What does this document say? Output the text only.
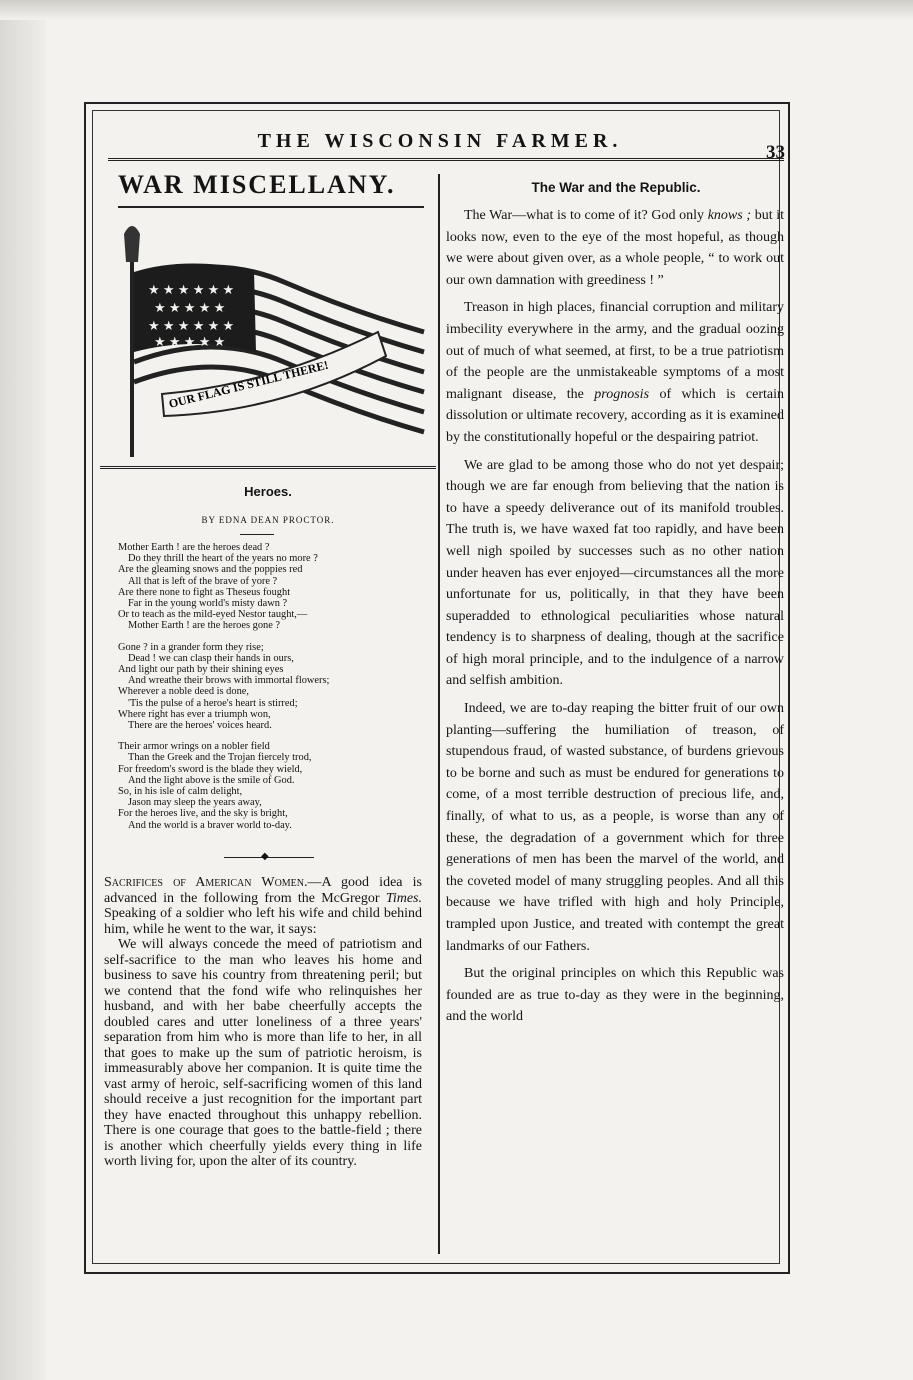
THE WISCONSIN FARMER.
33
WAR MISCELLANY.
★ ★ ★ ★ ★ ★
★ ★ ★ ★ ★
★ ★ ★ ★ ★ ★
★ ★ ★ ★ ★
OUR FLAG IS STILL THERE!
Heroes.
BY EDNA DEAN PROCTOR.
Mother Earth ! are the heroes dead ?
Do they thrill the heart of the years no more ?
Are the gleaming snows and the poppies red
All that is left of the brave of yore ?
Are there none to fight as Theseus fought
Far in the young world's misty dawn ?
Or to teach as the mild-eyed Nestor taught,—
Mother Earth ! are the heroes gone ?
Gone ? in a grander form they rise;
Dead ! we can clasp their hands in ours,
And light our path by their shining eyes
And wreathe their brows with immortal flowers;
Wherever a noble deed is done,
'Tis the pulse of a heroe's heart is stirred;
Where right has ever a triumph won,
There are the heroes' voices heard.
Their armor wrings on a nobler field
Than the Greek and the Trojan fiercely trod,
For freedom's sword is the blade they wield,
And the light above is the smile of God.
So, in his isle of calm delight,
Jason may sleep the years away,
For the heroes live, and the sky is bright,
And the world is a braver world to-day.
◆

Sacrifices of American Women.—A good idea is advanced in the following from the McGregor Times. Speaking of a soldier who left his wife and child behind him, while he went to the war, it says:

We will always concede the meed of patriotism and self-sacrifice to the man who leaves his home and business to save his country from threatening peril; but we contend that the fond wife who relinquishes her husband, and with her babe cheerfully accepts the doubled cares and utter loneliness of a three years' separation from him who is more than life to her, in all that goes to make up the sum of patriotic heroism, is immeasurably above her companion. It is quite time the vast army of heroic, self-sacrificing women of this land should receive a just recognition for the important part they have enacted throughout this unhappy rebellion. There is one courage that goes to the battle-field ; there is another which cheerfully yields every thing in life worth living for, upon the alter of its country.

The War and the Republic.

The War—what is to come of it? God only knows ; but it looks now, even to the eye of the most hopeful, as though we were about given over, as a whole people, “ to work out our own damnation with greediness ! ”

Treason in high places, financial corruption and military imbecility everywhere in the army, and the gradual oozing out of much of what seemed, at first, to be a true patriotism of the people are the unmistakeable symptoms of a most malignant disease, the prognosis of which is certain dissolution or ultimate recovery, according as it is examined by the constitutionally hopeful or the despairing patriot.

We are glad to be among those who do not yet despair; though we are far enough from believing that the nation is to have a speedy deliverance out of its manifold troubles. The truth is, we have waxed fat too rapidly, and have been well nigh spoiled by successes such as no other nation under heaven has ever enjoyed—circumstances all the more unfortunate for us, politically, in that they have been superadded to ethnological peculiarities whose natural tendency is to sharpness of dealing, though at the sacrifice of high moral principle, and to the indulgence of a narrow and selfish ambition.

Indeed, we are to-day reaping the bitter fruit of our own planting—suffering the humiliation of treason, of stupendous fraud, of wasted substance, of burdens grievous to be borne and such as must be endured for generations to come, of a most terrible destruction of precious life, and, finally, of what to us, as a people, is worse than any of these, the degradation of a government which for three generations of men has been the marvel of the world, and the coveted model of many struggling peoples. And all this because we have trifled with high and holy Principle, trampled upon Justice, and treated with contempt the great landmarks of our Fathers.

But the original principles on which this Republic was founded are as true to-day as they were in the beginning, and the world
